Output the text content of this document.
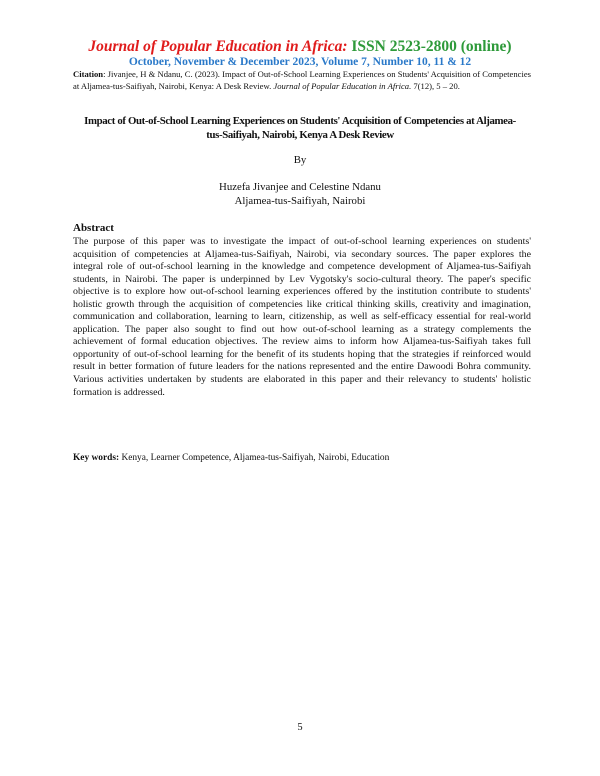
Journal of Popular Education in Africa: ISSN 2523-2800 (online)
October, November & December 2023, Volume 7, Number 10, 11 & 12
Citation: Jivanjee, H & Ndanu, C. (2023). Impact of Out-of-School Learning Experiences on Students' Acquisition of Competencies at Aljamea-tus-Saifiyah, Nairobi, Kenya: A Desk Review. Journal of Popular Education in Africa. 7(12), 5 – 20.
Impact of Out-of-School Learning Experiences on Students' Acquisition of Competencies at Aljamea-tus-Saifiyah, Nairobi, Kenya A Desk Review
By
Huzefa Jivanjee and Celestine Ndanu
Aljamea-tus-Saifiyah, Nairobi
Abstract
The purpose of this paper was to investigate the impact of out-of-school learning experiences on students' acquisition of competencies at Aljamea-tus-Saifiyah, Nairobi, via secondary sources. The paper explores the integral role of out-of-school learning in the knowledge and competence development of Aljamea-tus-Saifiyah students, in Nairobi. The paper is underpinned by Lev Vygotsky's socio-cultural theory. The paper's specific objective is to explore how out-of-school learning experiences offered by the institution contribute to students' holistic growth through the acquisition of competencies like critical thinking skills, creativity and imagination, communication and collaboration, learning to learn, citizenship, as well as self-efficacy essential for real-world application. The paper also sought to find out how out-of-school learning as a strategy complements the achievement of formal education objectives. The review aims to inform how Aljamea-tus-Saifiyah takes full opportunity of out-of-school learning for the benefit of its students hoping that the strategies if reinforced would result in better formation of future leaders for the nations represented and the entire Dawoodi Bohra community. Various activities undertaken by students are elaborated in this paper and their relevancy to students' holistic formation is addressed.
Key words: Kenya, Learner Competence, Aljamea-tus-Saifiyah, Nairobi, Education
5
